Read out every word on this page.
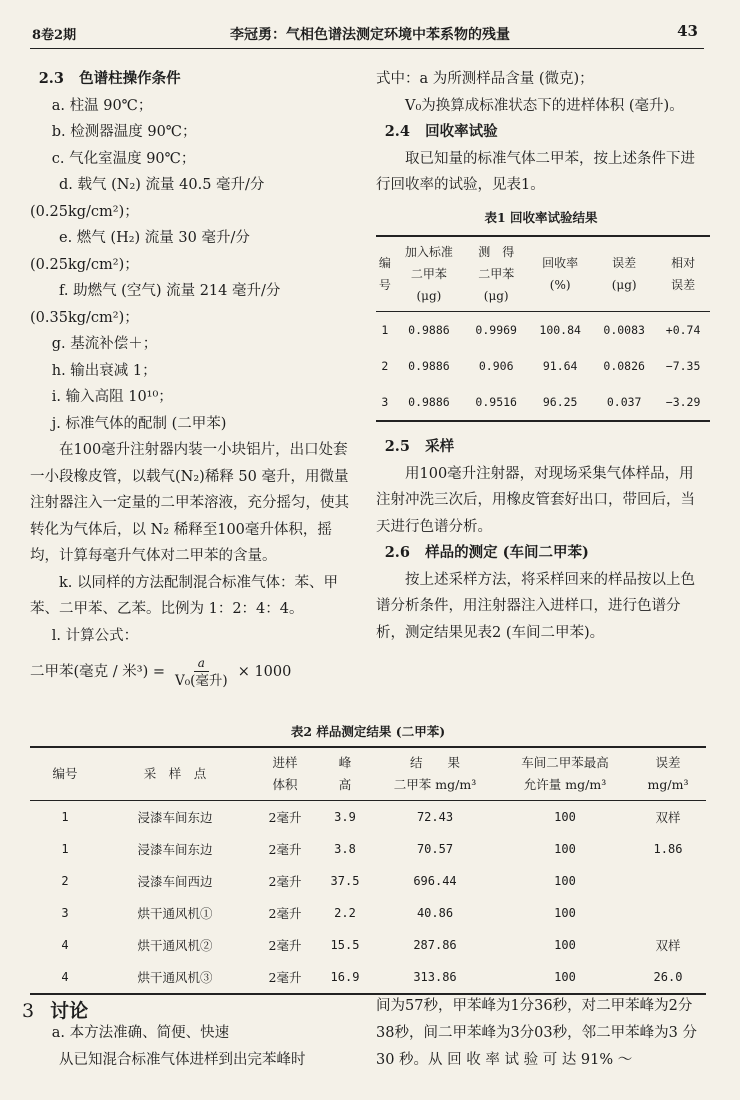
8卷2期	李冠勇：气相色谱法测定环境中苯系物的残量	43

2.3 色谱柱操作条件

a. 柱温 90℃；

b. 检测器温度 90℃；

c. 气化室温度 90℃；

d. 载气 (N₂) 流量 40.5 毫升/分 (0.25kg/cm²)；

e. 燃气 (H₂) 流量 30 毫升/分 (0.25kg/cm²)；

f. 助燃气 (空气) 流量 214 毫升/分 (0.35kg/cm²)；

g. 基流补偿＋；

h. 输出衰减 1；

i. 输入高阻 10¹⁰；

j. 标准气体的配制 (二甲苯)

在100毫升注射器内装一小块铝片，出口处套一小段橡皮管，以载气(N₂)稀释 50 毫升，用微量注射器注入一定量的二甲苯溶液，充分摇匀，使其转化为气体后，以 N₂ 稀释至100毫升体积，摇均，计算每毫升气体对二甲苯的含量。

k. 以同样的方法配制混合标准气体：苯、甲苯、二甲苯、乙苯。比例为 1：2：4：4。

l. 计算公式：

二甲苯(毫克 / 米$^3) = \frac{a}{\text{V₀(毫升)}} \times 1000$

式中：a 为所测样品含量 (微克)；

V₀为换算成标准状态下的进样体积 (毫升)。

2.4 回收率试验

取已知量的标准气体二甲苯，按上述条件下进行回收率的试验，见表1。

表1 回收率试验结果
编
号	加入标准
二甲苯
(μg)	测　得
二甲苯
(μg)	回收率
(%)	误差
(μg)	相对
误差
1	0.9886	0.9969	100.84	0.0083	+0.74
2	0.9886	0.906	91.64	0.0826	−7.35
3	0.9886	0.9516	96.25	0.037	−3.29

2.5 采样

用100毫升注射器，对现场采集气体样品，用注射冲洗三次后，用橡皮管套好出口，带回后，当天进行色谱分析。

2.6 样品的测定 (车间二甲苯)

按上述采样方法，将采样回来的样品按以上色谱分析条件，用注射器注入进样口，进行色谱分析，测定结果见表2 (车间二甲苯)。

表2 样品测定结果 (二甲苯)
编号	采　样　点	进样
体积	峰
高	结　　果
二甲苯 mg/m³	车间二甲苯最高
允许量 mg/m³	误差
mg/m³
1	浸漆车间东边	2毫升	3.9	72.43	100	双样
1	浸漆车间东边	2毫升	3.8	70.57	100	1.86
2	浸漆车间西边	2毫升	37.5	696.44	100	
3	烘干通风机①	2毫升	2.2	40.86	100	
4	烘干通风机②	2毫升	15.5	287.86	100	双样
4	烘干通风机③	2毫升	16.9	313.86	100	26.0
3 讨论

a. 本方法准确、简便、快速

从已知混合标准气体进样到出完苯峰时

间为57秒，甲苯峰为1分36秒，对二甲苯峰为2分38秒，间二甲苯峰为3分03秒，邻二甲苯峰为3 分 30 秒。从 回 收 率 试 验 可 达 91% ～
